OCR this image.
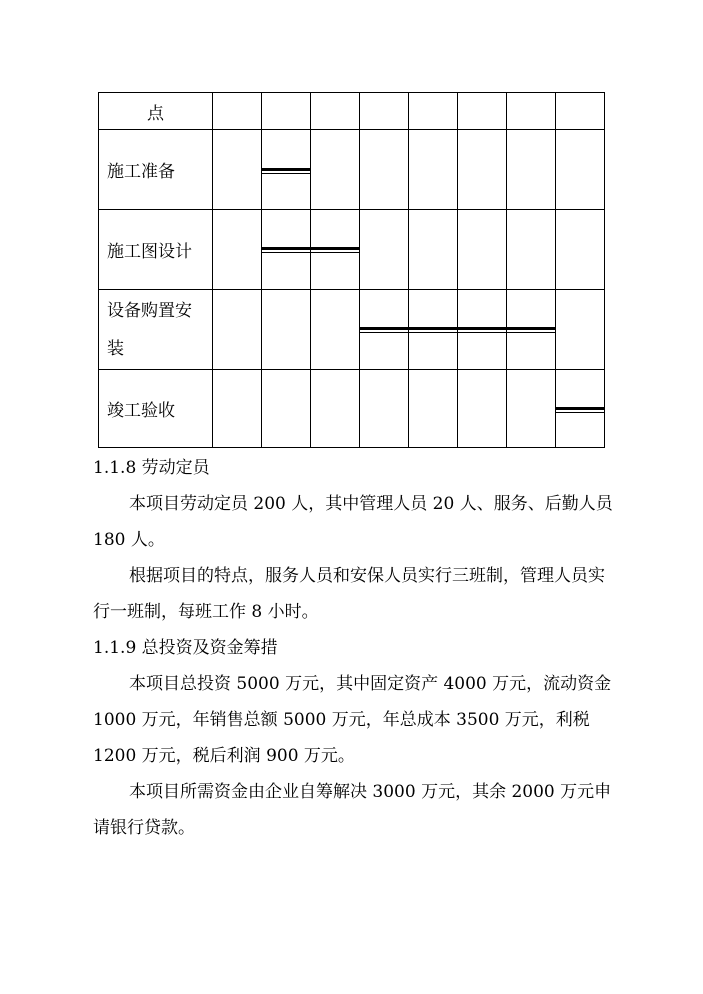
点								
施工准备		

施工图设计		

设备购置安
装				

竣工验收								

1.1.8 劳动定员

本项目劳动定员 200 人，其中管理人员 20 人、服务、后勤人员 180 人。

根据项目的特点，服务人员和安保人员实行三班制，管理人员实行一班制，每班工作 8 小时。

1.1.9 总投资及资金筹措

本项目总投资 5000 万元，其中固定资产 4000 万元，流动资金 1000 万元，年销售总额 5000 万元，年总成本 3500 万元，利税 1200 万元，税后利润 900 万元。

本项目所需资金由企业自筹解决 3000 万元，其余 2000 万元申请银行贷款。
